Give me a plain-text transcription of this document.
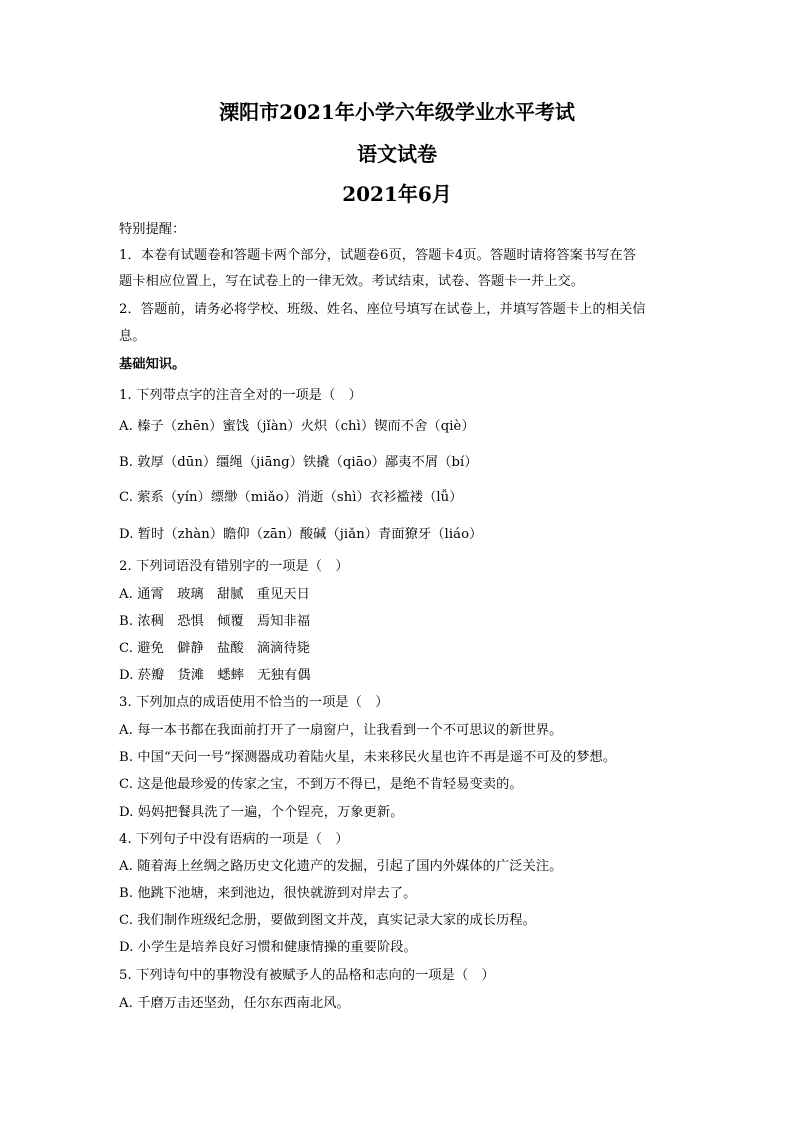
溧阳市2021年小学六年级学业水平考试
语文试卷
2021年6月
特别提醒：
1．本卷有试题卷和答题卡两个部分，试题卷6页，答题卡4页。答题时请将答案书写在答
题卡相应位置上，写在试卷上的一律无效。考试结束，试卷、答题卡一并上交。
2．答题前，请务必将学校、班级、姓名、座位号填写在试卷上，并填写答题卡上的相关信
息。
基础知识。
1. 下列带点字的注音全对的一项是（　）
A. 榛子（zhēn）蜜饯（jǐàn）火炽（chì）锲而不舍（qiè）
B. 敦厚（dūn）缰绳（jiāng）铁撬（qiāo）鄙夷不屑（bí）
C. 萦系（yín）缥缈（miǎo）消逝（shì）衣衫褴褛（lǚ）
D. 暂时（zhàn）瞻仰（zān）酸碱（jiǎn）青面獠牙（liáo）
2. 下列词语没有错别字的一项是（　）
A. 通霄　玻璃　甜腻　重见天日
B. 浓稠　恐惧　倾覆　焉知非福
C. 避免　僻静　盐酸　滴滴待毙
D. 菸瓣　货滩　蟋蟀　无独有偶
3. 下列加点的成语使用不恰当的一项是（　）
A. 每一本书都在我面前打开了一扇窗户，让我看到一个不可思议的新世界。
B. 中国“天问一号”探测器成功着陆火星，未来移民火星也许不再是遥不可及的梦想。
C. 这是他最珍爱的传家之宝，不到万不得已，是绝不肯轻易变卖的。
D. 妈妈把餐具洗了一遍，个个锃亮，万象更新。
4. 下列句子中没有语病的一项是（　）
A. 随着海上丝绸之路历史文化遗产的发掘，引起了国内外媒体的广泛关注。
B. 他跳下池塘，来到池边，很快就游到对岸去了。
C. 我们制作班级纪念册，要做到图文并茂，真实记录大家的成长历程。
D. 小学生是培养良好习惯和健康情操的重要阶段。
5. 下列诗句中的事物没有被赋予人的品格和志向的一项是（　）
A. 千磨万击还坚劲，任尔东西南北风。
